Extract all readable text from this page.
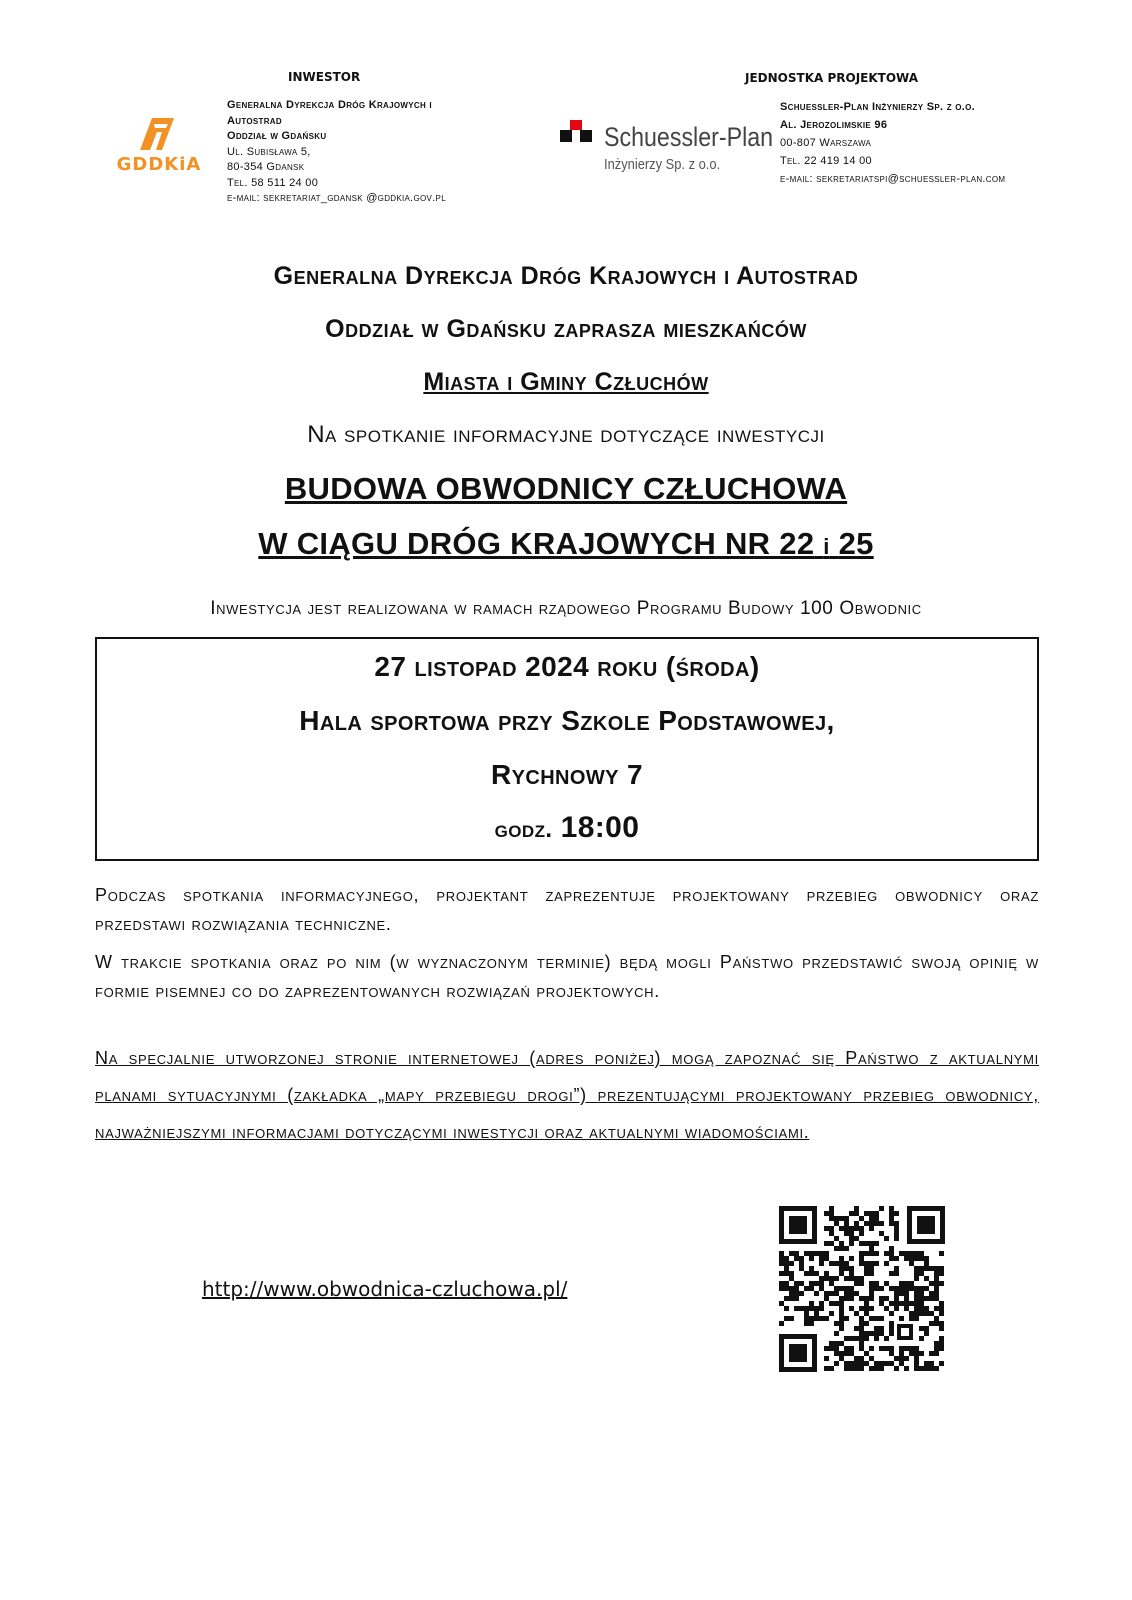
INWESTOR	JEDNOSTKA PROJEKTOWA
GDDKiA
Generalna Dyrekcja Dróg Krajowych i
Autostrad
Oddział w Gdańsku
Ul. Subisława 5,
80-354 Gdansk
Tel. 58 511 24 00
e-mail: sekretariat_gdansk @gddkia.gov.pl
Schuessler-Plan
Inżynierzy Sp. z o.o.
Schuessler-Plan Inżynierzy Sp. z o.o.
Al. Jerozolimskie 96
00-807 Warszawa
Tel. 22 419 14 00
e-mail: sekretariatspi@schuessler-plan.com
Generalna Dyrekcja Dróg Krajowych i Autostrad
Oddział w Gdańsku zaprasza mieszkańców
Miasta i Gminy Człuchów
Na spotkanie informacyjne dotyczące inwestycji
BUDOWA OBWODNICY CZŁUCHOWA
W CIĄGU DRÓG KRAJOWYCH NR 22 i 25
Inwestycja jest realizowana w ramach rządowego Programu Budowy 100 Obwodnic
27 listopad 2024 roku (środa)
Hala sportowa przy Szkole Podstawowej,
Rychnowy 7
godz. 18:00
Podczas spotkania informacyjnego, projektant zaprezentuje projektowany przebieg obwodnicy oraz przedstawi rozwiązania techniczne.
W trakcie spotkania oraz po nim (w wyznaczonym terminie) będą mogli Państwo przedstawić swoją opinię w formie pisemnej co do zaprezentowanych rozwiązań projektowych.
Na specjalnie utworzonej stronie internetowej (adres poniżej) mogą zapoznać się Państwo z aktualnymi planami sytuacyjnymi (zakładka „mapy przebiegu drogi”) prezentującymi projektowany przebieg obwodnicy, najważniejszymi informacjami dotyczącymi inwestycji oraz aktualnymi wiadomościami.
http://www.obwodnica-czluchowa.pl/
